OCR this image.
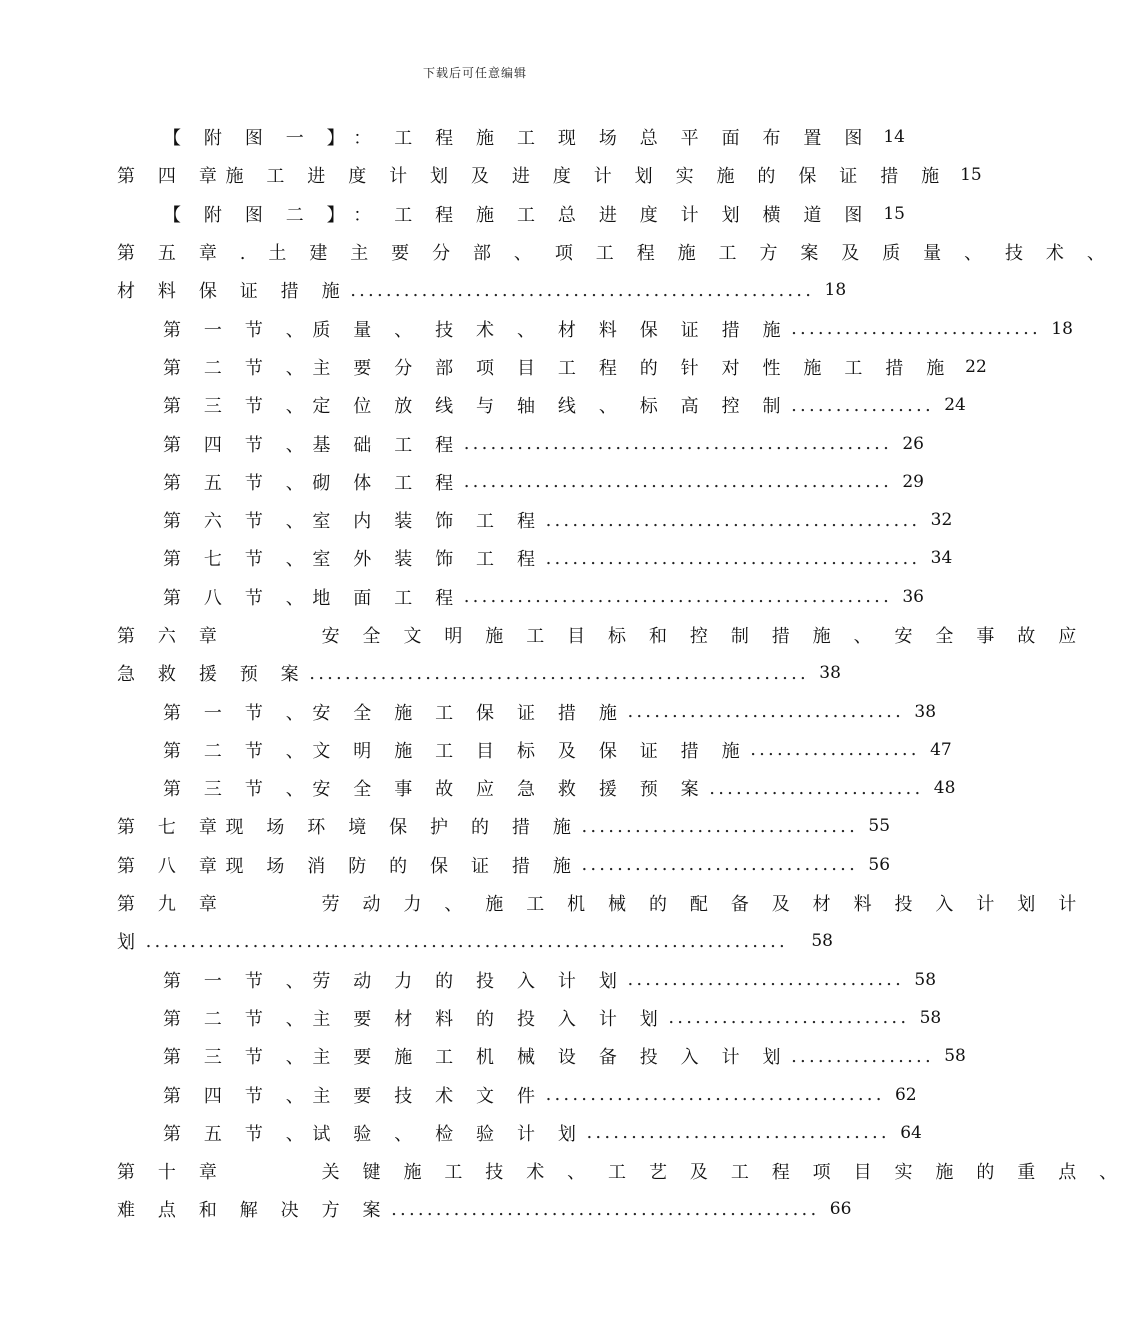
下载后可任意编辑
【 附 图 一 】 ： 工 程 施 工 现 场 总 平 面 布 置 图 14
第 四 章 施 工 进 度 计 划 及 进 度 计 划 实 施 的 保 证 措 施 15
【 附 图 二 】 ： 工 程 施 工 总 进 度 计 划 横 道 图 15
第 五 章 . 土 建 主 要 分 部 、 项 工 程 施 工 方 案 及 质 量 、 技 术 、
材 料 保 证 措 施 .................................................... 18
第 一 节 、 质 量 、 技 术 、 材 料 保 证 措 施 ............................ 18
第 二 节 、 主 要 分 部 项 目 工 程 的 针 对 性 施 工 措 施 22
第 三 节 、 定 位 放 线 与 轴 线 、 标 高 控 制 ................ 24
第 四 节 、 基 础 工 程 ................................................ 26
第 五 节 、 砌 体 工 程 ................................................ 29
第 六 节 、 室 内 装 饰 工 程 .......................................... 32
第 七 节 、 室 外 装 饰 工 程 .......................................... 34
第 八 节 、 地 面 工 程 ................................................ 36
第 六 章 　 　 安 全 文 明 施 工 目 标 和 控 制 措 施 、 安 全 事 故 应
急 救 援 预 案 ........................................................ 38
第 一 节 、 安 全 施 工 保 证 措 施 ............................... 38
第 二 节 、 文 明 施 工 目 标 及 保 证 措 施 ................... 47
第 三 节 、 安 全 事 故 应 急 救 援 预 案 ........................ 48
第 七 章 现 场 环 境 保 护 的 措 施 ............................... 55
第 八 章 现 场 消 防 的 保 证 措 施 ............................... 56
第 九 章 　 　 劳 动 力 、 施 工 机 械 的 配 备 及 材 料 投 入 计 划 计
划 ........................................................................	58
第 一 节 、 劳 动 力 的 投 入 计 划 ............................... 58
第 二 节 、 主 要 材 料 的 投 入 计 划 ........................... 58
第 三 节 、 主 要 施 工 机 械 设 备 投 入 计 划 ................ 58
第 四 节 、 主 要 技 术 文 件 ...................................... 62
第 五 节 、 试 验 、 检 验 计 划 .................................. 64
第 十 章 　 　 关 键 施 工 技 术 、 工 艺 及 工 程 项 目 实 施 的 重 点 、
难 点 和 解 决 方 案 ................................................ 66
